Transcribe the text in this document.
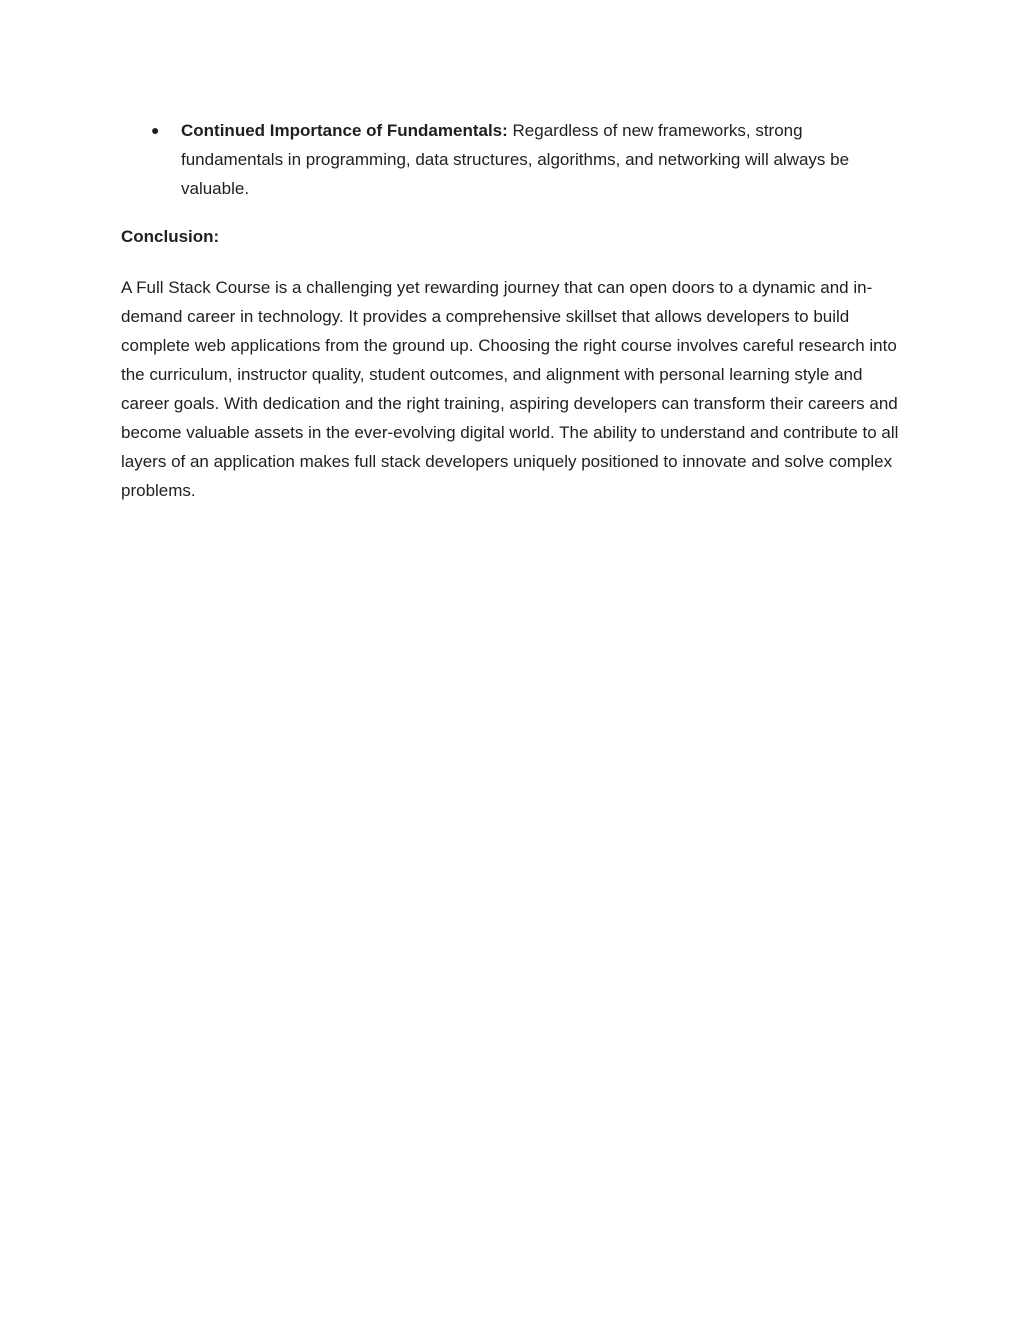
● Continued Importance of Fundamentals: Regardless of new frameworks, strong fundamentals in programming, data structures, algorithms, and networking will always be valuable.
Conclusion:

A Full Stack Course is a challenging yet rewarding journey that can open doors to a dynamic and in-demand career in technology. It provides a comprehensive skillset that allows developers to build complete web applications from the ground up. Choosing the right course involves careful research into the curriculum, instructor quality, student outcomes, and alignment with personal learning style and career goals. With dedication and the right training, aspiring developers can transform their careers and become valuable assets in the ever-evolving digital world. The ability to understand and contribute to all layers of an application makes full stack developers uniquely positioned to innovate and solve complex problems.
